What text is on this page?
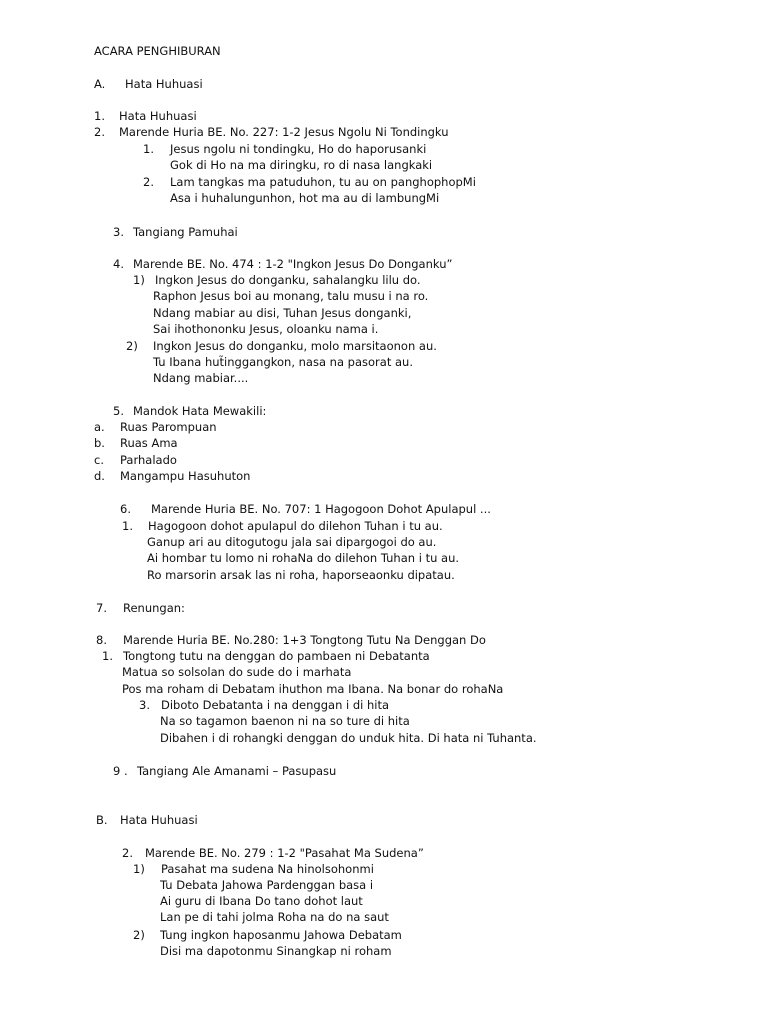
ACARA PENGHIBURAN
A. Hata Huhuasi
1. Hata Huhuasi
2. Marende Huria BE. No. 227: 1-2 Jesus Ngolu Ni Tondingku
1. Jesus ngolu ni tondingku, Ho do haporusanki
Gok di Ho na ma diringku, ro di nasa langkaki
2. Lam tangkas ma patuduhon, tu au on panghophopMi
Asa i huhalungunhon, hot ma au di lambungMi
3. Tangiang Pamuhai
4. Marende BE. No. 474 : 1-2 "Ingkon Jesus Do Donganku”
1) Ingkon Jesus do donganku, sahalangku lilu do.
Raphon Jesus boi au monang, talu musu i na ro.
Ndang mabiar au disi, Tuhan Jesus donganki,
Sai ihothononku Jesus, oloanku nama i.
2) Ingkon Jesus do donganku, molo marsitaonon au.
Tu Ibana hut̃inggangkon, nasa na pasorat au.
Ndang mabiar....
5. Mandok Hata Mewakili:
a. Ruas Parompuan
b. Ruas Ama
c. Parhalado
d. Mangampu Hasuhuton
6. Marende Huria BE. No. 707: 1 Hagogoon Dohot Apulapul ...
1. Hagogoon dohot apulapul do dilehon Tuhan i tu au.
Ganup ari au ditogutogu jala sai dipargogoi do au.
Ai hombar tu lomo ni rohaNa do dilehon Tuhan i tu au.
Ro marsorin arsak las ni roha, haporseaonku dipatau.
7. Renungan:
8. Marende Huria BE. No.280: 1+3 Tongtong Tutu Na Denggan Do
1. Tongtong tutu na denggan do pambaen ni Debatanta
Matua so solsolan do sude do i marhata
Pos ma roham di Debatam ihuthon ma Ibana. Na bonar do rohaNa
3. Diboto Debatanta i na denggan i di hita
Na so tagamon baenon ni na so ture di hita
Dibahen i di rohangki denggan do unduk hita. Di hata ni Tuhanta.
9 . Tangiang Ale Amanami – Pasupasu
B. Hata Huhuasi
2. Marende BE. No. 279 : 1-2 "Pasahat Ma Sudena”
1) Pasahat ma sudena Na hinolsohonmi
Tu Debata Jahowa Pardenggan basa i
Ai guru di Ibana Do tano dohot laut
Lan pe di tahi jolma Roha na do na saut
2) Tung ingkon haposanmu Jahowa Debatam
Disi ma dapotonmu Sinangkap ni roham
